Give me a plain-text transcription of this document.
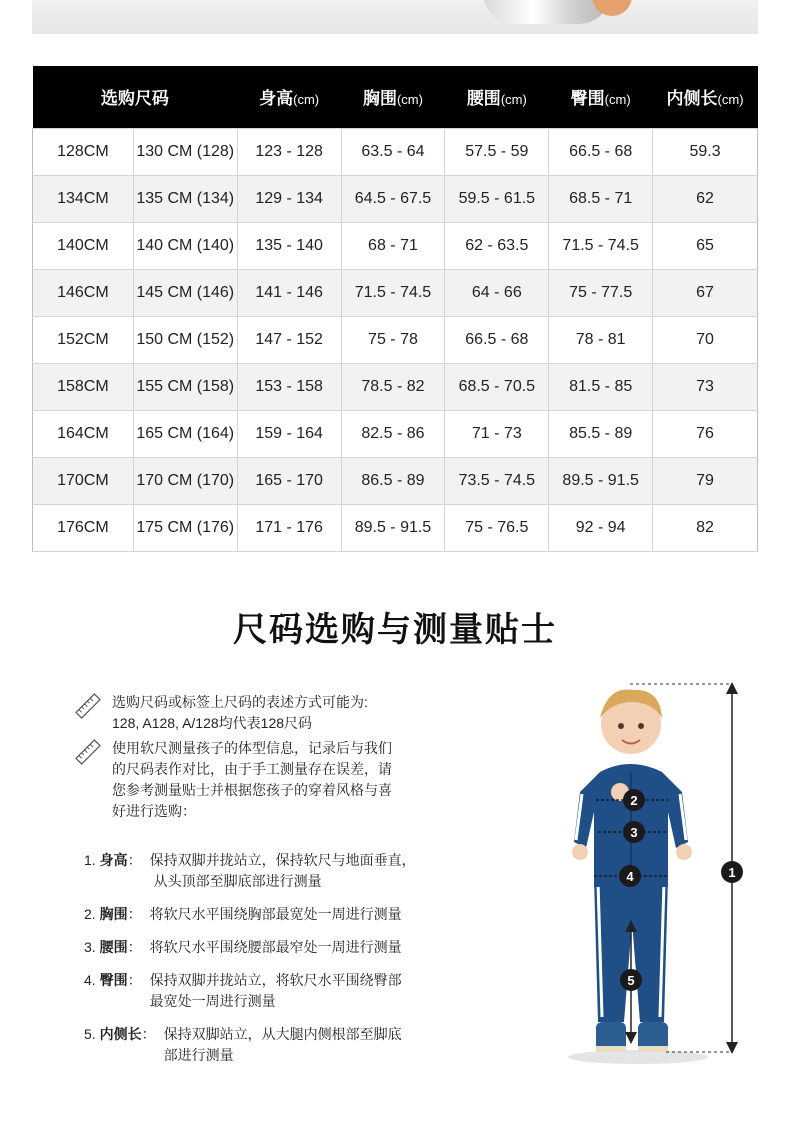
选购尺码		身高(cm)	胸围(cm)	腰围(cm)	臀围(cm)	内侧长(cm)
128CM	130 CM (128)	123 - 128	63.5 - 64	57.5 - 59	66.5 - 68	59.3
134CM	135 CM (134)	129 - 134	64.5 - 67.5	59.5 - 61.5	68.5 - 71	62
140CM	140 CM (140)	135 - 140	68 - 71	62 - 63.5	71.5 - 74.5	65
146CM	145 CM (146)	141 - 146	71.5 - 74.5	64 - 66	75 - 77.5	67
152CM	150 CM (152)	147 - 152	75 - 78	66.5 - 68	78 - 81	70
158CM	155 CM (158)	153 - 158	78.5 - 82	68.5 - 70.5	81.5 - 85	73
164CM	165 CM (164)	159 - 164	82.5 - 86	71 - 73	85.5 - 89	76
170CM	170 CM (170)	165 - 170	86.5 - 89	73.5 - 74.5	89.5 - 91.5	79
176CM	175 CM (176)	171 - 176	89.5 - 91.5	75 - 76.5	92 - 94	82
尺码选购与测量贴士
选购尺码或标签上尺码的表述方式可能为:
128, A128, A/128均代表128尺码
使用软尺测量孩子的体型信息，记录后与我们
的尺码表作对比，由于手工测量存在误差，请
您参考测量贴士并根据您孩子的穿着风格与喜
好进行选购：
1. 身高： 保持双脚并拢站立，保持软尺与地面垂直，
从头顶部至脚底部进行测量
2. 胸围： 将软尺水平围绕胸部最宽处一周进行测量
3. 腰围： 将软尺水平围绕腰部最窄处一周进行测量
4. 臀围： 保持双脚并拢站立，将软尺水平围绕臀部
最宽处一周进行测量
5. 内侧长： 保持双脚站立，从大腿内侧根部至脚底
部进行测量
1
2
3
4
5
